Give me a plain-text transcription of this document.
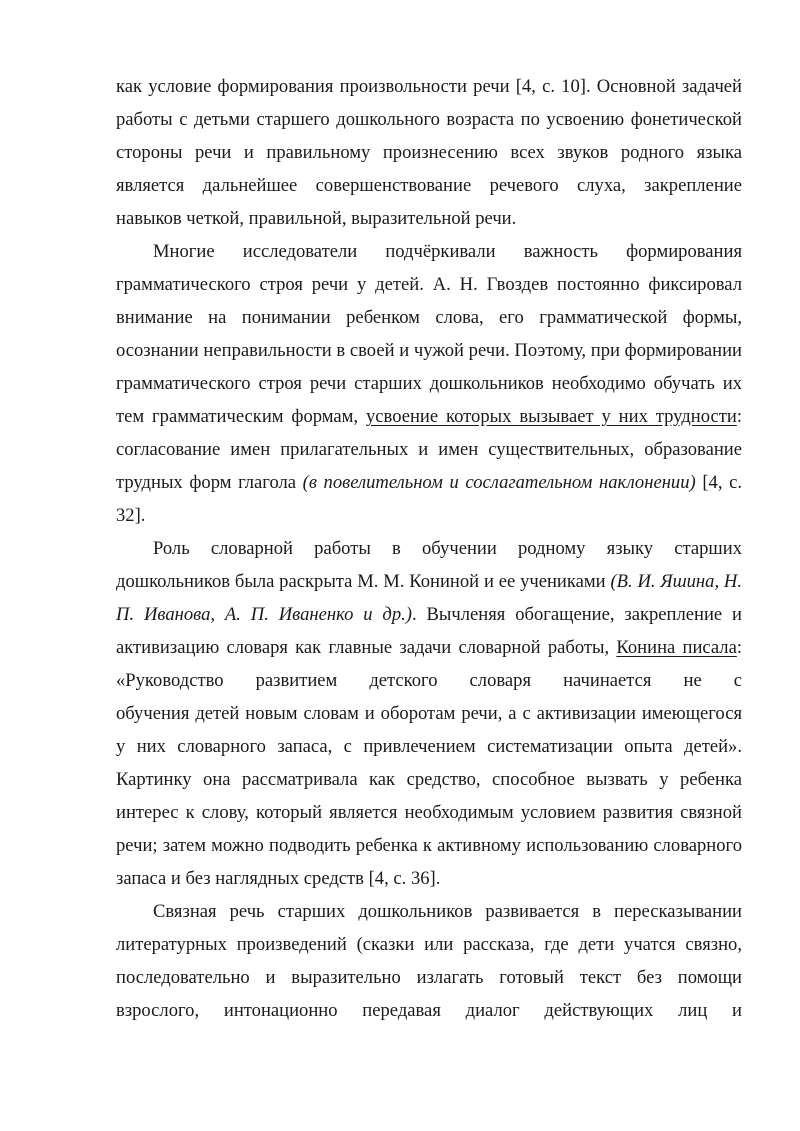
как условие формирования произвольности речи [4, с. 10]. Основной задачей
работы с детьми старшего дошкольного возраста по усвоению фонетической
стороны речи и правильному произнесению всех звуков родного языка
является дальнейшее совершенствование речевого слуха, закрепление
навыков четкой, правильной, выразительной речи.
Многие исследователи подчёркивали важность формирования
грамматического строя речи у детей. А. Н. Гвоздев постоянно фиксировал
внимание на понимании ребенком слова, его грамматической формы,
осознании неправильности в своей и чужой речи. Поэтому, при формировании
грамматического строя речи старших дошкольников необходимо обучать их
тем грамматическим формам, усвоение которых вызывает у них трудности:
согласование имен прилагательных и имен существительных, образование
трудных форм глагола (в повелительном и сослагательном наклонении) [4, с.
32].
Роль словарной работы в обучении родному языку старших
дошкольников была раскрыта М. М. Кониной и ее учениками (В. И. Яшина, Н.
П. Иванова, А. П. Иваненко и др.). Вычленяя обогащение, закрепление и
активизацию словаря как главные задачи словарной работы, Конина писала:
«Руководство развитием детского словаря начинается не с
обучения детей новым словам и оборотам речи, а с активизации имеющегося
у них словарного запаса, с привлечением систематизации опыта детей».
Картинку она рассматривала как средство, способное вызвать у ребенка
интерес к слову, который является необходимым условием развития связной
речи; затем можно подводить ребенка к активному использованию словарного
запаса и без наглядных средств [4, с. 36].
Связная речь старших дошкольников развивается в пересказывании
литературных произведений (сказки или рассказа, где дети учатся связно,
последовательно и выразительно излагать готовый текст без помощи
взрослого, интонационно передавая диалог действующих лиц и
